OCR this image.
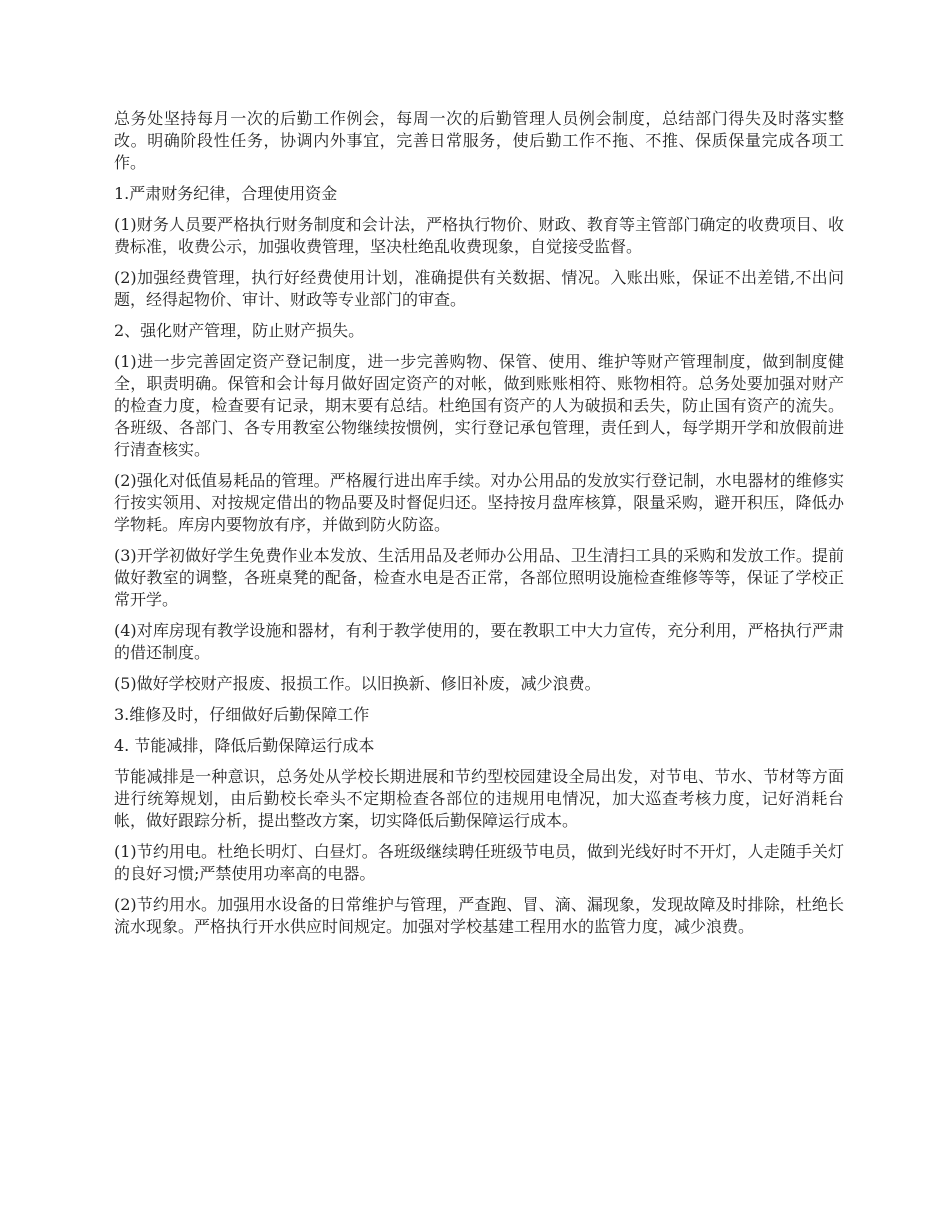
总务处坚持每月一次的后勤工作例会，每周一次的后勤管理人员例会制度，总结部门得失及时落实整改。明确阶段性任务，协调内外事宜，完善日常服务，使后勤工作不拖、不推、保质保量完成各项工作。

1.严肃财务纪律，合理使用资金

(1)财务人员要严格执行财务制度和会计法，严格执行物价、财政、教育等主管部门确定的收费项目、收费标准，收费公示，加强收费管理，坚决杜绝乱收费现象，自觉接受监督。

(2)加强经费管理，执行好经费使用计划，准确提供有关数据、情况。入账出账，保证不出差错,不出问题，经得起物价、审计、财政等专业部门的审查。

2、强化财产管理，防止财产损失。

(1)进一步完善固定资产登记制度，进一步完善购物、保管、使用、维护等财产管理制度，做到制度健全，职责明确。保管和会计每月做好固定资产的对帐，做到账账相符、账物相符。总务处要加强对财产的检查力度，检查要有记录，期末要有总结。杜绝国有资产的人为破损和丢失，防止国有资产的流失。各班级、各部门、各专用教室公物继续按惯例，实行登记承包管理，责任到人，每学期开学和放假前进行清查核实。

(2)强化对低值易耗品的管理。严格履行进出库手续。对办公用品的发放实行登记制，水电器材的维修实行按实领用、对按规定借出的物品要及时督促归还。坚持按月盘库核算，限量采购，避开积压，降低办学物耗。库房内要物放有序，并做到防火防盗。

(3)开学初做好学生免费作业本发放、生活用品及老师办公用品、卫生清扫工具的采购和发放工作。提前做好教室的调整，各班桌凳的配备，检查水电是否正常，各部位照明设施检查维修等等，保证了学校正常开学。

(4)对库房现有教学设施和器材，有利于教学使用的，要在教职工中大力宣传，充分利用，严格执行严肃的借还制度。

(5)做好学校财产报废、报损工作。以旧换新、修旧补废，减少浪费。

3.维修及时，仔细做好后勤保障工作

4. 节能减排，降低后勤保障运行成本

节能减排是一种意识，总务处从学校长期进展和节约型校园建设全局出发，对节电、节水、节材等方面进行统筹规划，由后勤校长牵头不定期检查各部位的违规用电情况，加大巡查考核力度，记好消耗台帐，做好跟踪分析，提出整改方案，切实降低后勤保障运行成本。

(1)节约用电。杜绝长明灯、白昼灯。各班级继续聘任班级节电员，做到光线好时不开灯，人走随手关灯的良好习惯;严禁使用功率高的电器。

(2)节约用水。加强用水设备的日常维护与管理，严查跑、冒、滴、漏现象，发现故障及时排除，杜绝长流水现象。严格执行开水供应时间规定。加强对学校基建工程用水的监管力度，减少浪费。
